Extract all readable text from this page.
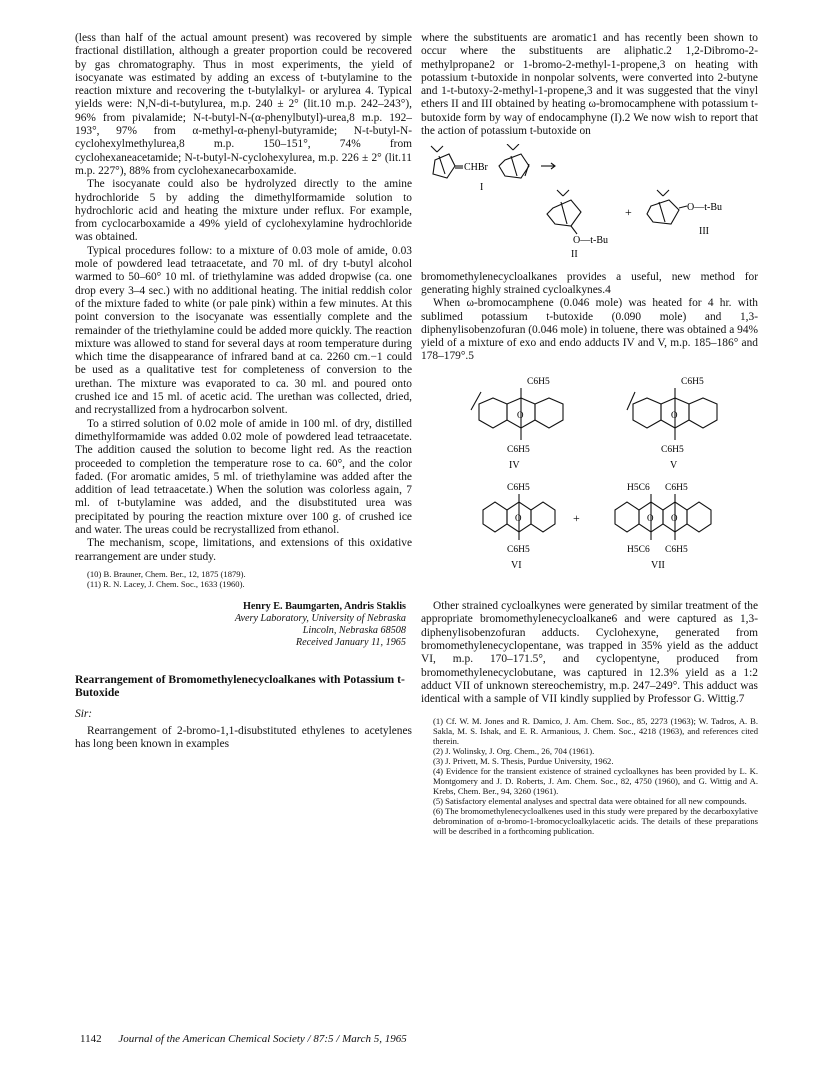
(less than half of the actual amount present) was recovered by simple fractional distillation, although a greater proportion could be recovered by gas chromatography. Thus in most experiments, the yield of isocyanate was estimated by adding an excess of t-butylamine to the reaction mixture and recovering the t-butylalkyl- or arylurea 4. Typical yields were: N,N-di-t-butylurea, m.p. 240 ± 2° (lit.10 m.p. 242–243°), 96% from pivalamide; N-t-butyl-N-(α-phenylbutyl)-urea,8 m.p. 192–193°, 97% from α-methyl-α-phenyl-butyramide; N-t-butyl-N-cyclohexylmethylurea,8 m.p. 150–151°, 74% from cyclohexaneacetamide; N-t-butyl-N-cyclohexylurea, m.p. 226 ± 2° (lit.11 m.p. 227°), 88% from cyclohexanecarboxamide.

The isocyanate could also be hydrolyzed directly to the amine hydrochloride 5 by adding the dimethylformamide solution to hydrochloric acid and heating the mixture under reflux. For example, from cyclocarboxamide a 49% yield of cyclohexylamine hydrochloride was obtained.

Typical procedures follow: to a mixture of 0.03 mole of amide, 0.03 mole of powdered lead tetraacetate, and 70 ml. of dry t-butyl alcohol warmed to 50–60° 10 ml. of triethylamine was added dropwise (ca. one drop every 3–4 sec.) with no additional heating. The initial reddish color of the mixture faded to white (or pale pink) within a few minutes. At this point conversion to the isocyanate was essentially complete and the remainder of the triethylamine could be added more quickly. The reaction mixture was allowed to stand for several days at room temperature during which time the disappearance of infrared band at ca. 2260 cm.−1 could be used as a qualitative test for completeness of conversion to the urethan. The mixture was evaporated to ca. 30 ml. and poured onto crushed ice and 15 ml. of acetic acid. The urethan was collected, dried, and recrystallized from a hydrocarbon solvent.

To a stirred solution of 0.02 mole of amide in 100 ml. of dry, distilled dimethylformamide was added 0.02 mole of powdered lead tetraacetate. The addition caused the solution to become light red. As the reaction proceeded to completion the temperature rose to ca. 60°, and the color faded. (For aromatic amides, 5 ml. of triethylamine was added after the addition of lead tetraacetate.) When the solution was colorless again, 7 ml. of t-butylamine was added, and the disubstituted urea was precipitated by pouring the reaction mixture over 100 g. of crushed ice and water. The ureas could be recrystallized from ethanol.

The mechanism, scope, limitations, and extensions of this oxidative rearrangement are under study.

(10) B. Brauner, Chem. Ber., 12, 1875 (1879).
(11) R. N. Lacey, J. Chem. Soc., 1633 (1960).
Henry E. Baumgarten, Andris Staklis
Avery Laboratory, University of Nebraska
Lincoln, Nebraska 68508
Received January 11, 1965
Rearrangement of Bromomethylenecycloalkanes with Potassium t-Butoxide
Sir:

Rearrangement of 2-bromo-1,1-disubstituted ethylenes to acetylenes has long been known in examples

where the substituents are aromatic1 and has recently been shown to occur where the substituents are aliphatic.2 1,2-Dibromo-2-methylpropane2 or 1-bromo-2-methyl-1-propene,3 on heating with potassium t-butoxide in nonpolar solvents, were converted into 2-butyne and 1-t-butoxy-2-methyl-1-propene,3 and it was suggested that the vinyl ethers II and III obtained by heating ω-bromocamphene with potassium t-butoxide form by way of endocamphyne (I).2 We now wish to report that the action of potassium t-butoxide on

CHBr
I
O—t-Bu
II
+	O—t-Bu
III

bromomethylenecycloalkanes provides a useful, new method for generating highly strained cycloalkynes.4

When ω-bromocamphene (0.046 mole) was heated for 4 hr. with sublimed potassium t-butoxide (0.090 mole) and 1,3-diphenylisobenzofuran (0.046 mole) in toluene, there was obtained a 94% yield of a mixture of exo and endo adducts IV and V, m.p. 185–186° and 178–179°.5

C6H5
O
C6H5
IV
C6H5
O
C6H5
V
C6H5
O
C6H5
VI
+
H5C6 C6H5
O O
H5C6 C6H5
VII

Other strained cycloalkynes were generated by similar treatment of the appropriate bromomethylenecycloalkane6 and were captured as 1,3-diphenylisobenzofuran adducts. Cyclohexyne, generated from bromomethylenecyclopentane, was trapped in 35% yield as the adduct VI, m.p. 170–171.5°, and cyclopentyne, produced from bromomethylenecyclobutane, was captured in 12.3% yield as a 1:2 adduct VII of unknown stereochemistry, m.p. 247–249°. This adduct was identical with a sample of VII kindly supplied by Professor G. Wittig.7

(1) Cf. W. M. Jones and R. Damico, J. Am. Chem. Soc., 85, 2273 (1963); W. Tadros, A. B. Sakla, M. S. Ishak, and E. R. Armanious, J. Chem. Soc., 4218 (1963), and references cited therein.
(2) J. Wolinsky, J. Org. Chem., 26, 704 (1961).
(3) J. Privett, M. S. Thesis, Purdue University, 1962.
(4) Evidence for the transient existence of strained cycloalkynes has been provided by L. K. Montgomery and J. D. Roberts, J. Am. Chem. Soc., 82, 4750 (1960), and G. Wittig and A. Krebs, Chem. Ber., 94, 3260 (1961).
(5) Satisfactory elemental analyses and spectral data were obtained for all new compounds.
(6) The bromomethylenecycloalkenes used in this study were prepared by the decarboxylative debromination of α-bromo-1-bromocycloalkylacetic acids. The details of these preparations will be described in a forthcoming publication.
1142 Journal of the American Chemical Society / 87:5 / March 5, 1965
